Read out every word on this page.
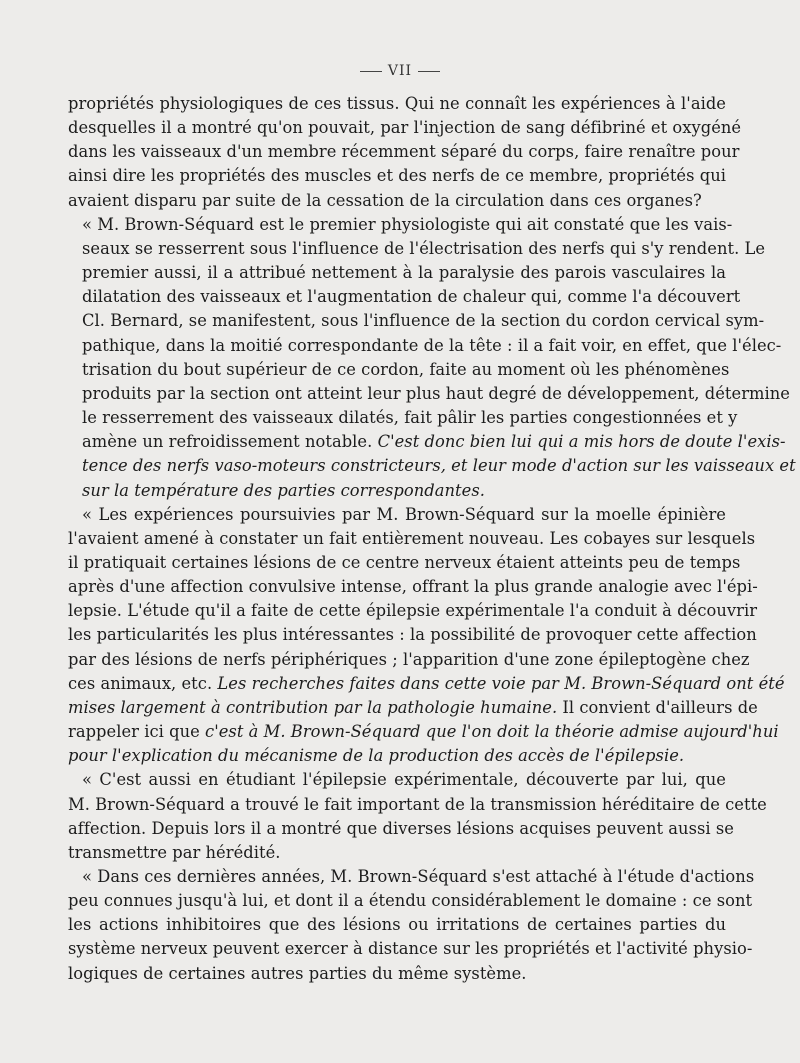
VII

propriétés physiologiques de ces tissus. Qui ne connaît les expériences à l'aide
desquelles il a montré qu'on pouvait, par l'injection de sang défibriné et oxygéné
dans les vaisseaux d'un membre récemment séparé du corps, faire renaître pour
ainsi dire les propriétés des muscles et des nerfs de ce membre, propriétés qui
avaient disparu par suite de la cessation de la circulation dans ces organes?

« M. Brown-Séquard est le premier physiologiste qui ait constaté que les vais-
seaux se resserrent sous l'influence de l'électrisation des nerfs qui s'y rendent. Le
premier aussi, il a attribué nettement à la paralysie des parois vasculaires la
dilatation des vaisseaux et l'augmentation de chaleur qui, comme l'a découvert
Cl. Bernard, se manifestent, sous l'influence de la section du cordon cervical sym-
pathique, dans la moitié correspondante de la tête : il a fait voir, en effet, que l'élec-
trisation du bout supérieur de ce cordon, faite au moment où les phénomènes
produits par la section ont atteint leur plus haut degré de développement, détermine
le resserrement des vaisseaux dilatés, fait pâlir les parties congestionnées et y
amène un refroidissement notable. C'est donc bien lui qui a mis hors de doute l'exis-
tence des nerfs vaso-moteurs constricteurs, et leur mode d'action sur les vaisseaux et
sur la température des parties correspondantes.

« Les expériences poursuivies par M. Brown-Séquard sur la moelle épinière
l'avaient amené à constater un fait entièrement nouveau. Les cobayes sur lesquels
il pratiquait certaines lésions de ce centre nerveux étaient atteints peu de temps
après d'une affection convulsive intense, offrant la plus grande analogie avec l'épi-
lepsie. L'étude qu'il a faite de cette épilepsie expérimentale l'a conduit à découvrir
les particularités les plus intéressantes : la possibilité de provoquer cette affection
par des lésions de nerfs périphériques ; l'apparition d'une zone épileptogène chez
ces animaux, etc. Les recherches faites dans cette voie par M. Brown-Séquard ont été
mises largement à contribution par la pathologie humaine. Il convient d'ailleurs de
rappeler ici que c'est à M. Brown-Séquard que l'on doit la théorie admise aujourd'hui
pour l'explication du mécanisme de la production des accès de l'épilepsie.

« C'est aussi en étudiant l'épilepsie expérimentale, découverte par lui, que
M. Brown-Séquard a trouvé le fait important de la transmission héréditaire de cette
affection. Depuis lors il a montré que diverses lésions acquises peuvent aussi se
transmettre par hérédité.

« Dans ces dernières années, M. Brown-Séquard s'est attaché à l'étude d'actions
peu connues jusqu'à lui, et dont il a étendu considérablement le domaine : ce sont
les actions inhibitoires que des lésions ou irritations de certaines parties du
système nerveux peuvent exercer à distance sur les propriétés et l'activité physio-
logiques de certaines autres parties du même système.
